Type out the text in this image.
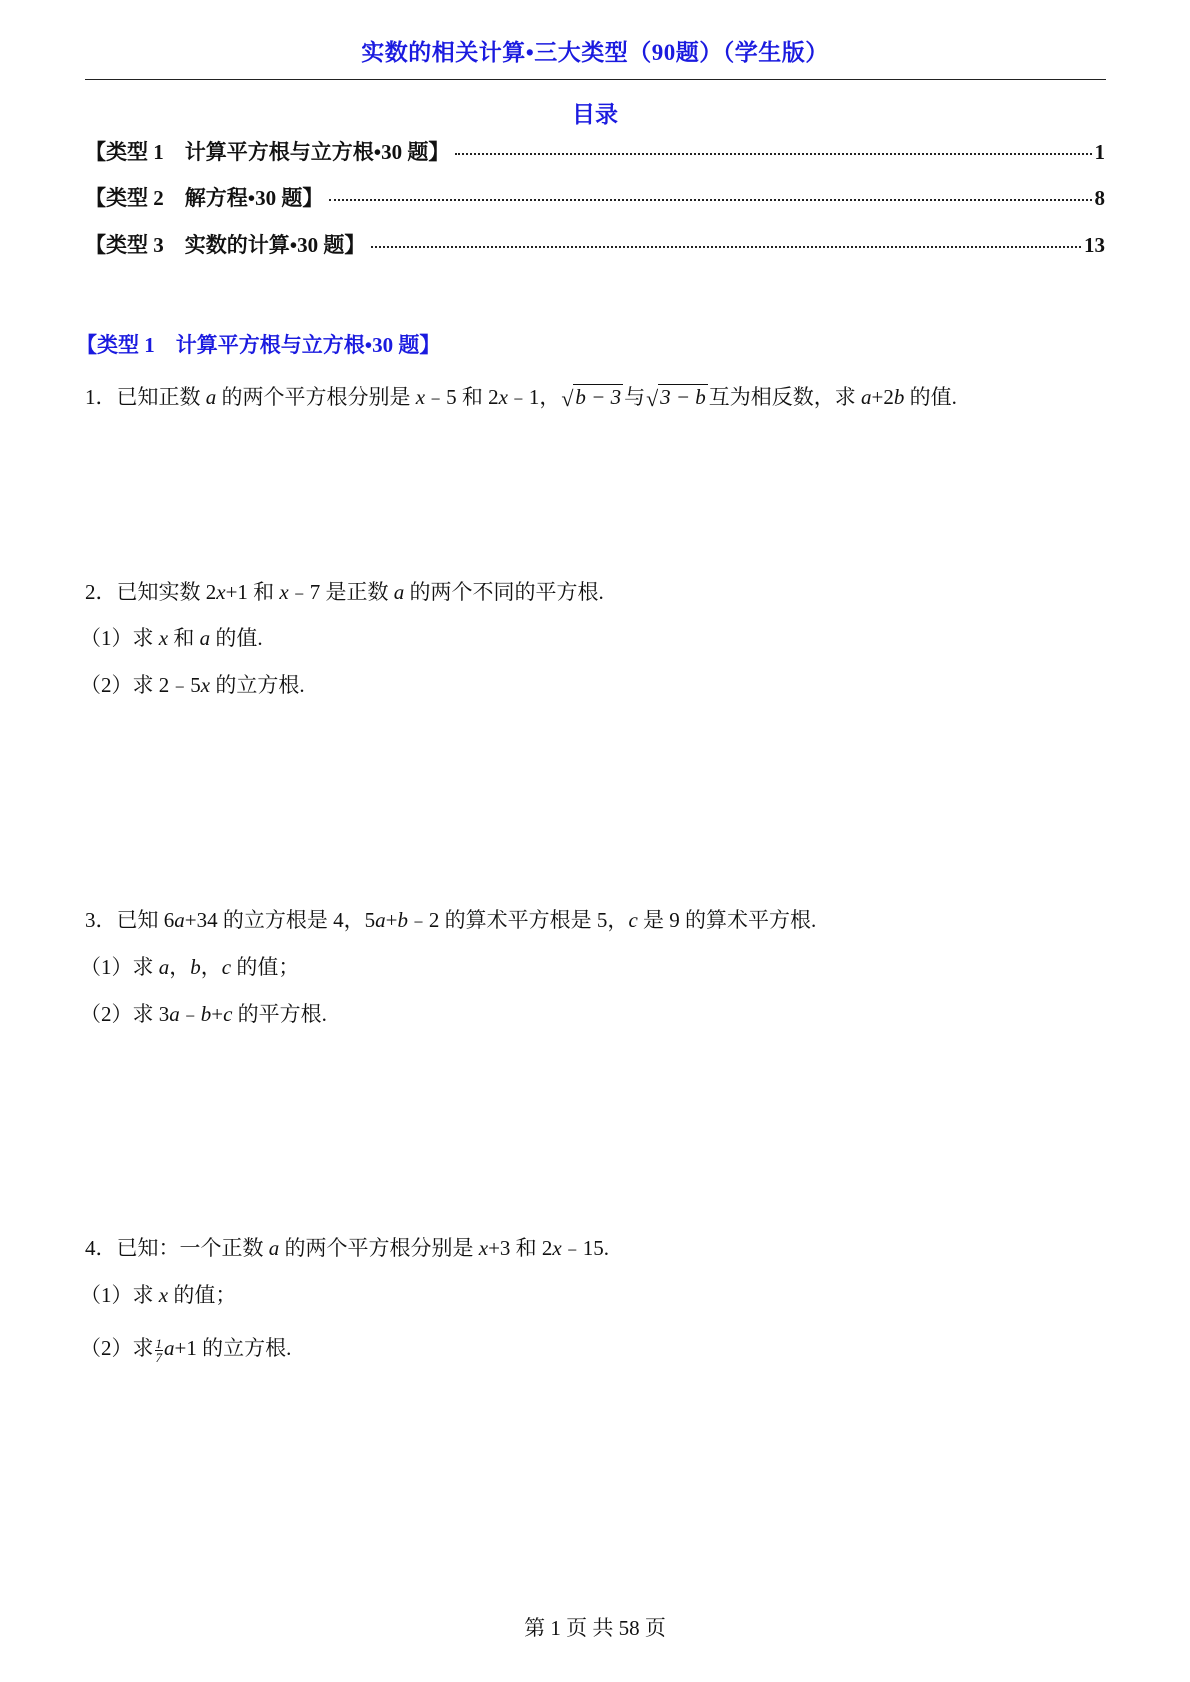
实数的相关计算•三大类型（90题）（学生版）
目录
【类型 1    计算平方根与立方根•30 题】	1
【类型 2    解方程•30 题】	8
【类型 3    实数的计算•30 题】	13
【类型 1    计算平方根与立方根•30 题】
1．已知正数 a 的两个平方根分别是 x﹣5 和 2x﹣1， √ b − 3 与 √ 3 − b 互为相反数，求 a+2b 的值.
2．已知实数 2x+1 和 x﹣7 是正数 a 的两个不同的平方根.
（1）求 x 和 a 的值.
（2）求 2﹣5x 的立方根.
3．已知 6a+34 的立方根是 4，5a+b﹣2 的算术平方根是 5，c 是 9 的算术平方根.
（1）求 a，b，c 的值；
（2）求 3a﹣b+c 的平方根.
4．已知：一个正数 a 的两个平方根分别是 x+3 和 2x﹣15.
（1）求 x 的值；
（2）求 $\frac{1}{7} a+1$ 的立方根.
第 1 页 共 58 页
